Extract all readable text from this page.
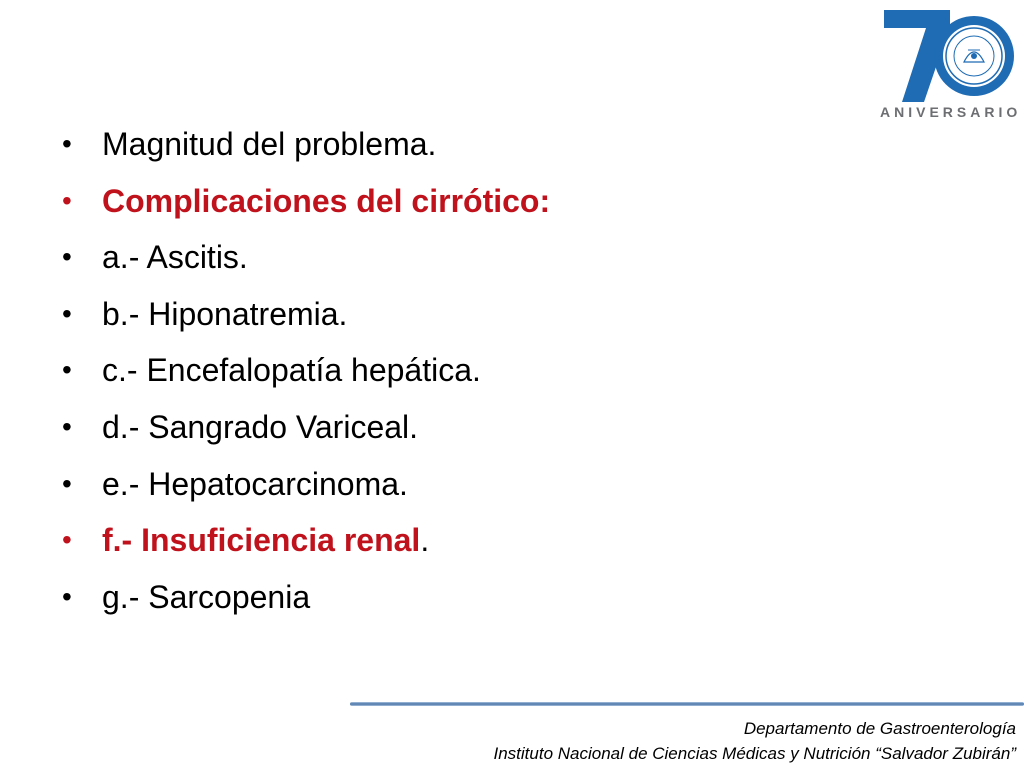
ANIVERSARIO
• Magnitud del problema.
• Complicaciones del cirrótico:
• a.- Ascitis.
• b.- Hiponatremia.
• c.- Encefalopatía hepática.
• d.- Sangrado Variceal.
• e.- Hepatocarcinoma.
• f.- Insuficiencia renal.
• g.- Sarcopenia
Departamento de Gastroenterología
Instituto Nacional de Ciencias Médicas y Nutrición “Salvador Zubirán”
